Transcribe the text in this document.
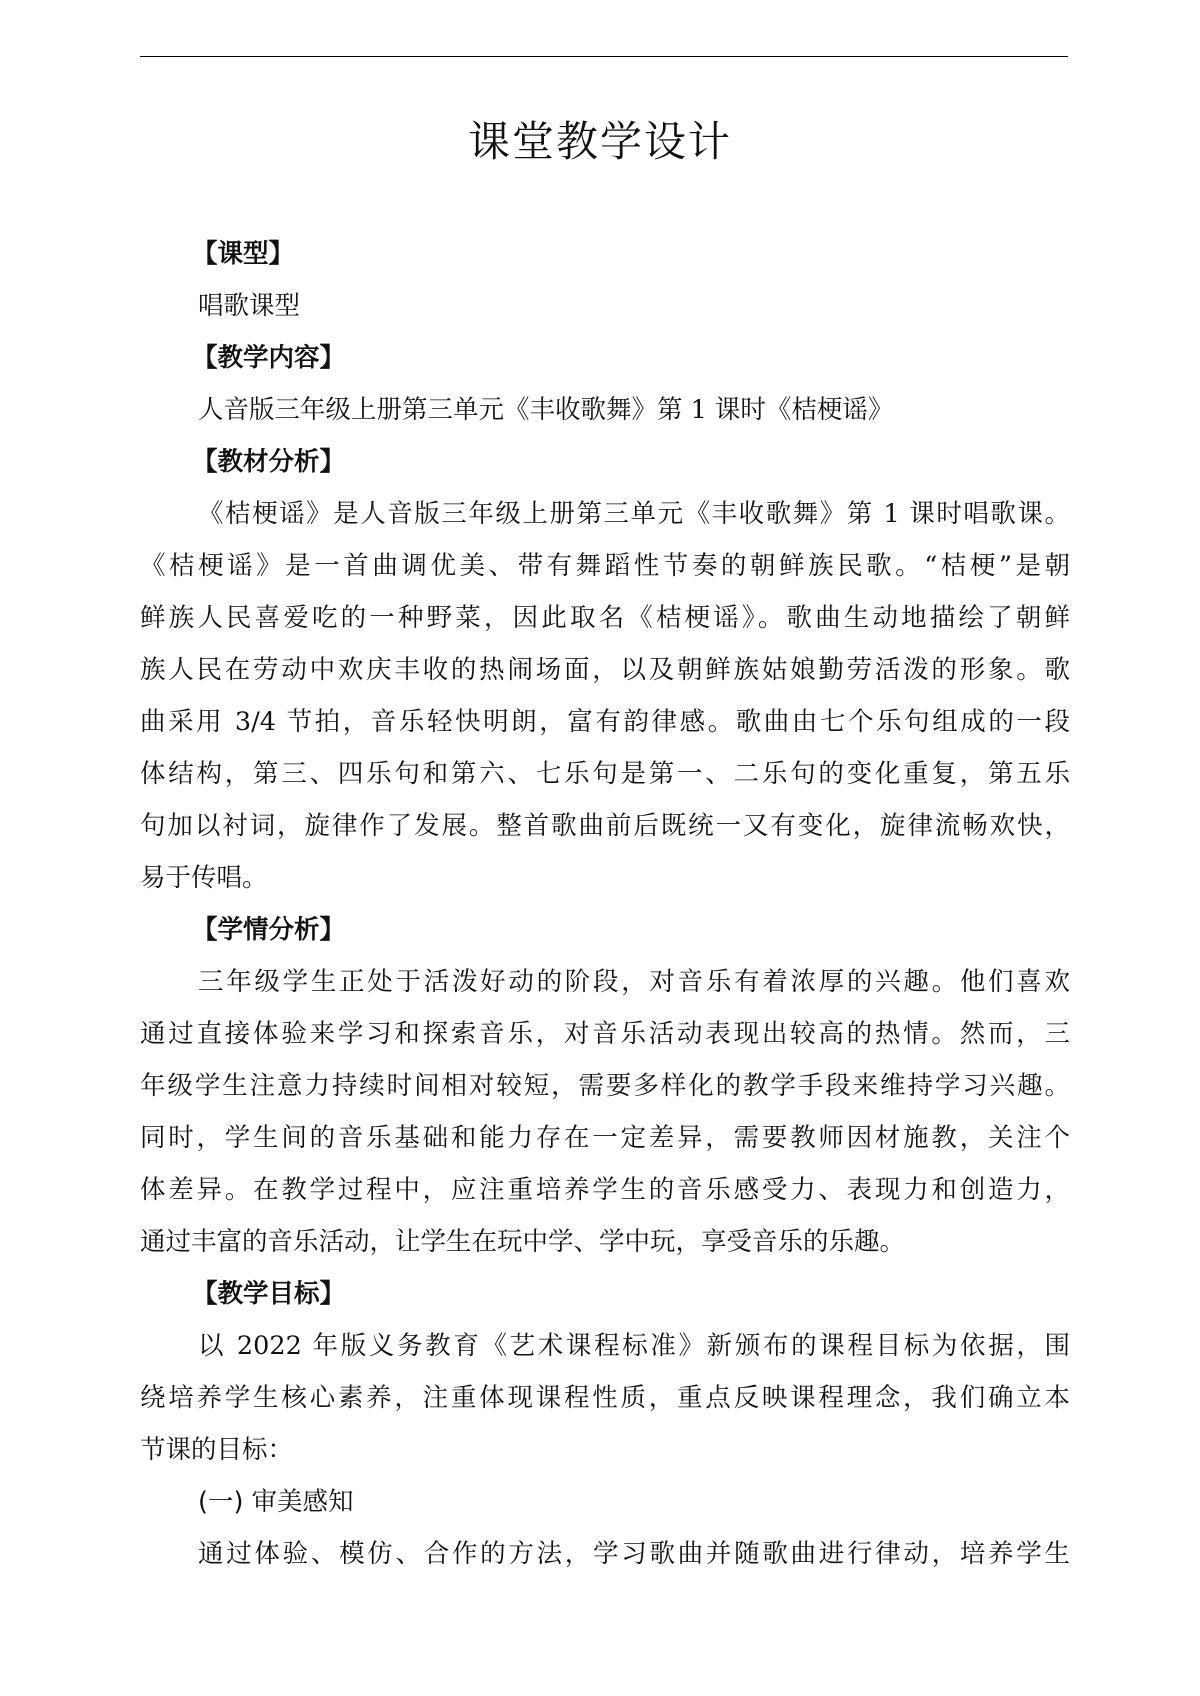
课堂教学设计
【课型】
唱歌课型
【教学内容】
人音版三年级上册第三单元《丰收歌舞》第 1 课时《桔梗谣》
【教材分析】
《桔梗谣》是人音版三年级上册第三单元《丰收歌舞》第 1 课时唱歌课。
《桔梗谣》是一首曲调优美、带有舞蹈性节奏的朝鲜族民歌。“桔梗”是朝
鲜族人民喜爱吃的一种野菜，因此取名《桔梗谣》。歌曲生动地描绘了朝鲜
族人民在劳动中欢庆丰收的热闹场面，以及朝鲜族姑娘勤劳活泼的形象。歌
曲采用 3/4 节拍，音乐轻快明朗，富有韵律感。歌曲由七个乐句组成的一段
体结构，第三、四乐句和第六、七乐句是第一、二乐句的变化重复，第五乐
句加以衬词，旋律作了发展。整首歌曲前后既统一又有变化，旋律流畅欢快，
易于传唱。
【学情分析】
三年级学生正处于活泼好动的阶段，对音乐有着浓厚的兴趣。他们喜欢
通过直接体验来学习和探索音乐，对音乐活动表现出较高的热情。然而，三
年级学生注意力持续时间相对较短，需要多样化的教学手段来维持学习兴趣。
同时，学生间的音乐基础和能力存在一定差异，需要教师因材施教，关注个
体差异。在教学过程中，应注重培养学生的音乐感受力、表现力和创造力，
通过丰富的音乐活动，让学生在玩中学、学中玩，享受音乐的乐趣。
【教学目标】
以 2022 年版义务教育《艺术课程标准》新颁布的课程目标为依据，围
绕培养学生核心素养，注重体现课程性质，重点反映课程理念，我们确立本
节课的目标：
(一) 审美感知
通过体验、模仿、合作的方法，学习歌曲并随歌曲进行律动，培养学生
